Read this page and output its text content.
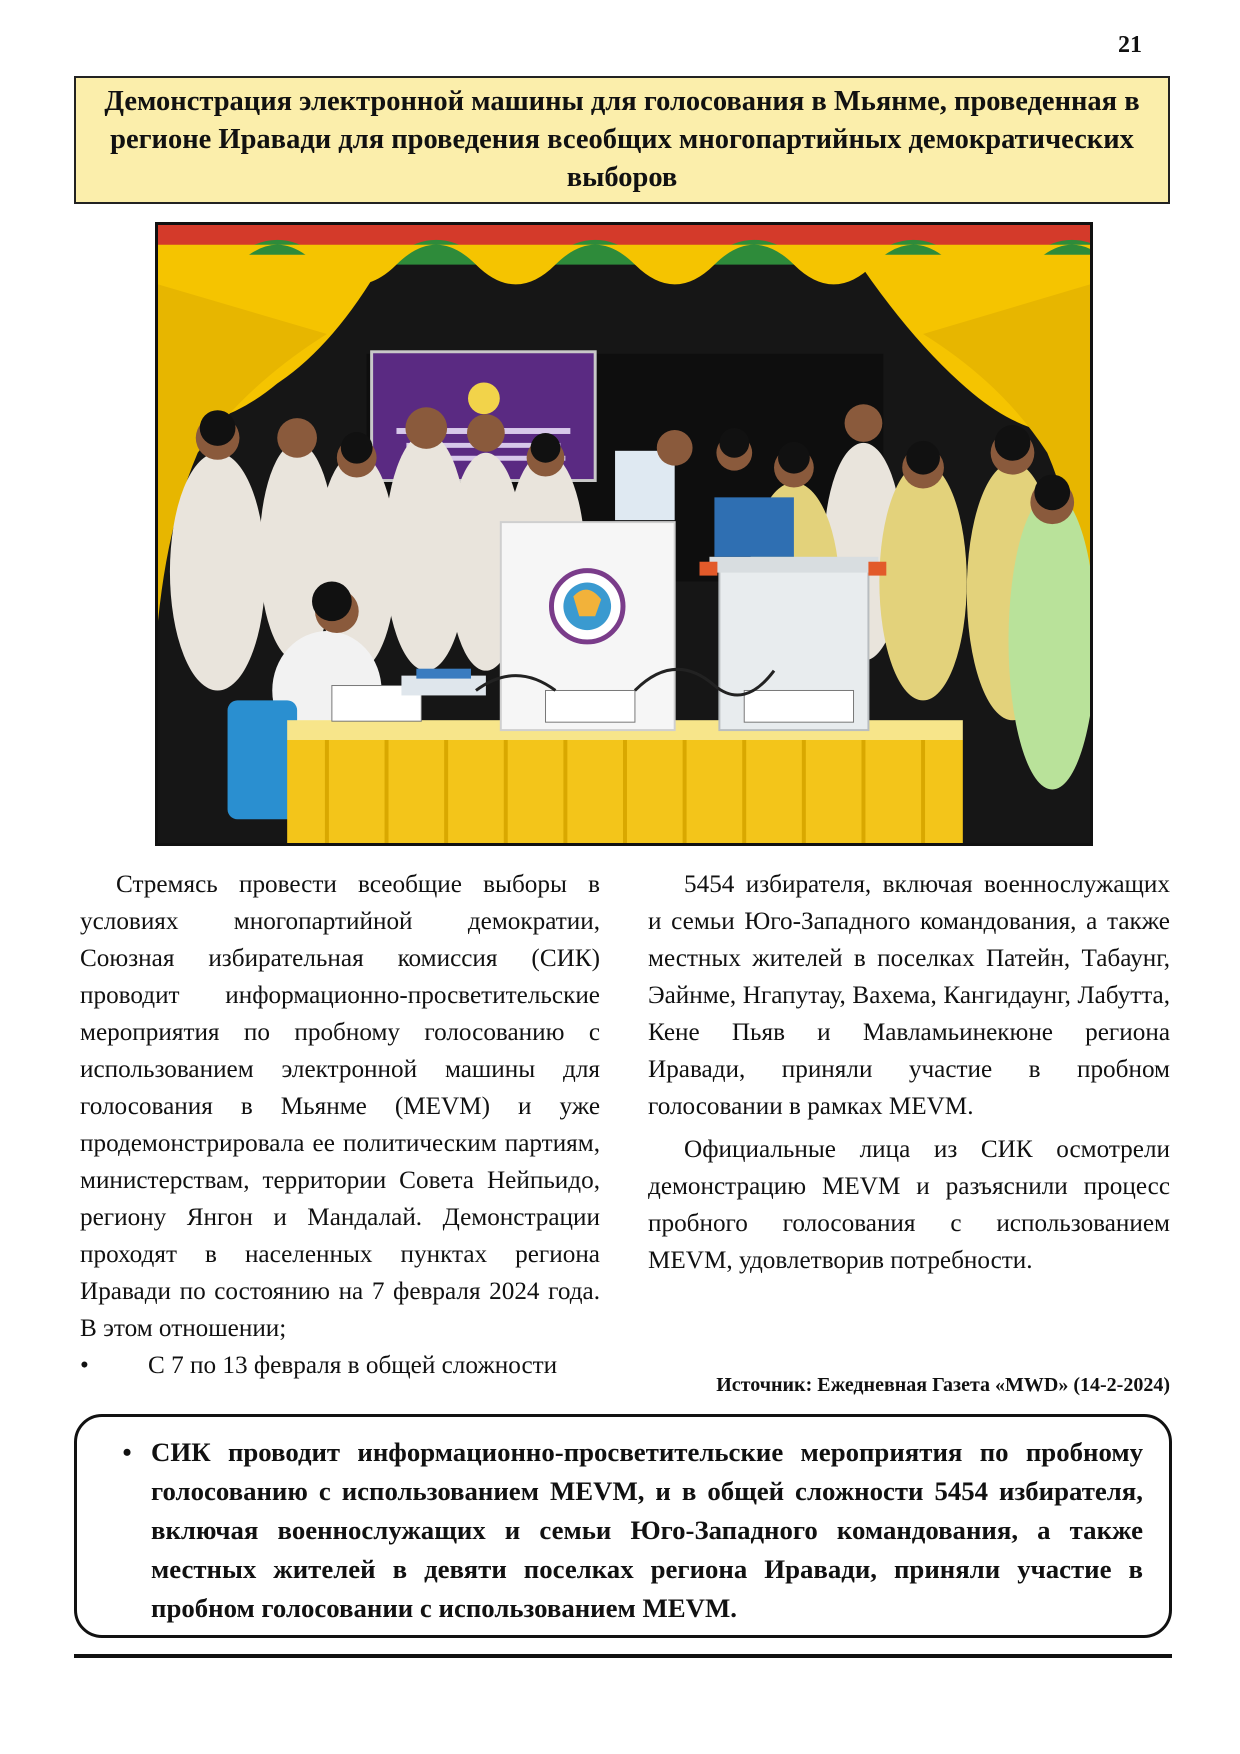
21

Демонстрация электронной машины для голосования в Мьянме, проведенная в регионе Иравади для проведения всеобщих многопартийных демократических выборов

Стремясь провести всеобщие выборы в условиях многопартийной демократии, Союзная избирательная комиссия (СИК) проводит информационно-просветительские мероприятия по пробному голосованию с использованием электронной машины для голосования в Мьянме (MEVM) и уже продемонстрировала ее политическим партиям, министерствам, территории Совета Нейпьидо, региону Янгон и Мандалай. Демонстрации проходят в населенных пунктах региона Иравади по состоянию на 7 февраля 2024 года. В этом отношении;

• С 7 по 13 февраля в общей сложности

5454 избирателя, включая военнослужащих и семьи Юго-Западного командования, а также местных жителей в поселках Патейн, Табаунг, Эайнме, Нгапутау, Вахема, Кангидаунг, Лабутта, Кене Пьяв и Мавламьинекюне региона Иравади, приняли участие в пробном голосовании в рамках MEVM.

Официальные лица из СИК осмотрели демонстрацию MEVM и разъяснили процесс пробного голосования с использованием MEVM, удовлетворив потребности.

Источник: Ежедневная Газета «MWD» (14-2-2024)
• СИК проводит информационно-просветительские мероприятия по пробному голосованию с использованием MEVM, и в общей сложности 5454 избирателя, включая военнослужащих и семьи Юго-Западного командования, а также местных жителей в девяти поселках региона Иравади, приняли участие в пробном голосовании с использованием MEVM.
